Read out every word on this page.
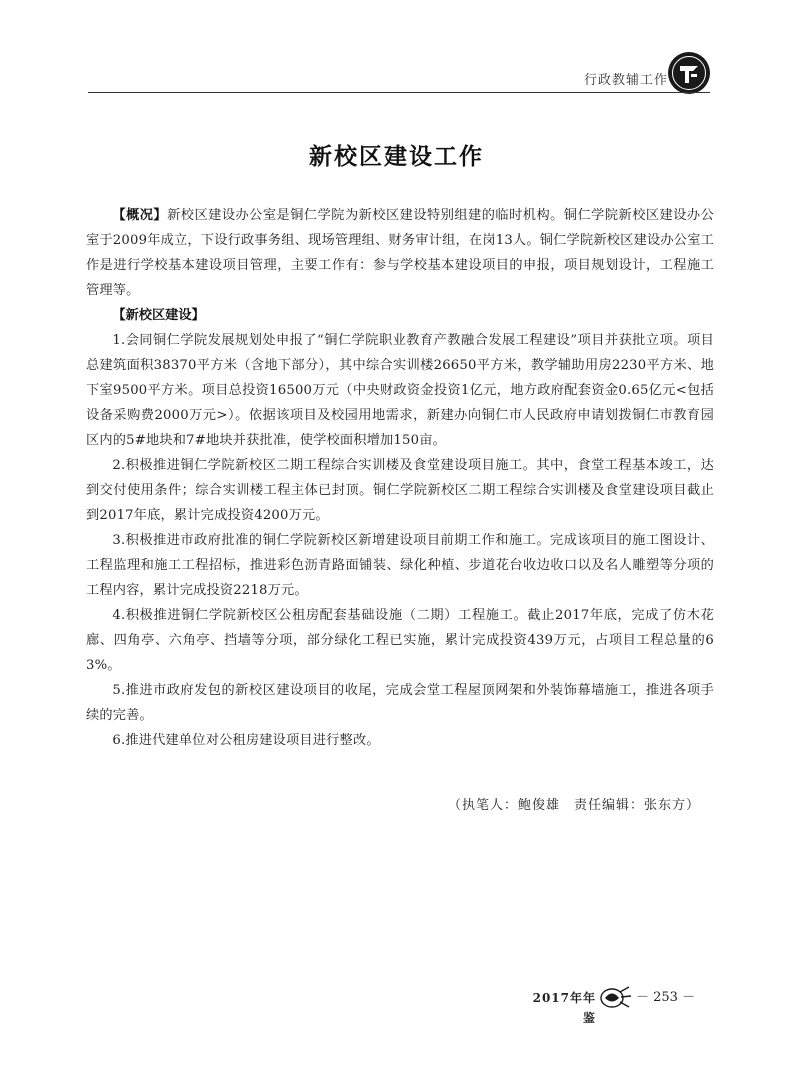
行政教辅工作
新校区建设工作

【概况】新校区建设办公室是铜仁学院为新校区建设特别组建的临时机构。铜仁学院新校区建设办公室于2009年成立，下设行政事务组、现场管理组、财务审计组，在岗13人。铜仁学院新校区建设办公室工作是进行学校基本建设项目管理，主要工作有：参与学校基本建设项目的申报，项目规划设计，工程施工管理等。

【新校区建设】

1.会同铜仁学院发展规划处申报了“铜仁学院职业教育产教融合发展工程建设”项目并获批立项。项目总建筑面积38370平方米（含地下部分），其中综合实训楼26650平方米，教学辅助用房2230平方米、地下室9500平方米。项目总投资16500万元（中央财政资金投资1亿元，地方政府配套资金0.65亿元<包括设备采购费2000万元>）。依据该项目及校园用地需求，新建办向铜仁市人民政府申请划拨铜仁市教育园区内的5#地块和7#地块并获批准，使学校面积增加150亩。

2.积极推进铜仁学院新校区二期工程综合实训楼及食堂建设项目施工。其中，食堂工程基本竣工，达到交付使用条件；综合实训楼工程主体已封顶。铜仁学院新校区二期工程综合实训楼及食堂建设项目截止到2017年底，累计完成投资4200万元。

3.积极推进市政府批准的铜仁学院新校区新增建设项目前期工作和施工。完成该项目的施工图设计、工程监理和施工工程招标，推进彩色沥青路面铺装、绿化种植、步道花台收边收口以及名人雕塑等分项的工程内容，累计完成投资2218万元。

4.积极推进铜仁学院新校区公租房配套基础设施（二期）工程施工。截止2017年底，完成了仿木花廊、四角亭、六角亭、挡墙等分项，部分绿化工程已实施，累计完成投资439万元，占项目工程总量的63%。

5.推进市政府发包的新校区建设项目的收尾，完成会堂工程屋顶网架和外装饰幕墙施工，推进各项手续的完善。

6.推进代建单位对公租房建设项目进行整改。

（执笔人：鲍俊雄　责任编辑：张东方）
2017年年鉴
－ 253 －
